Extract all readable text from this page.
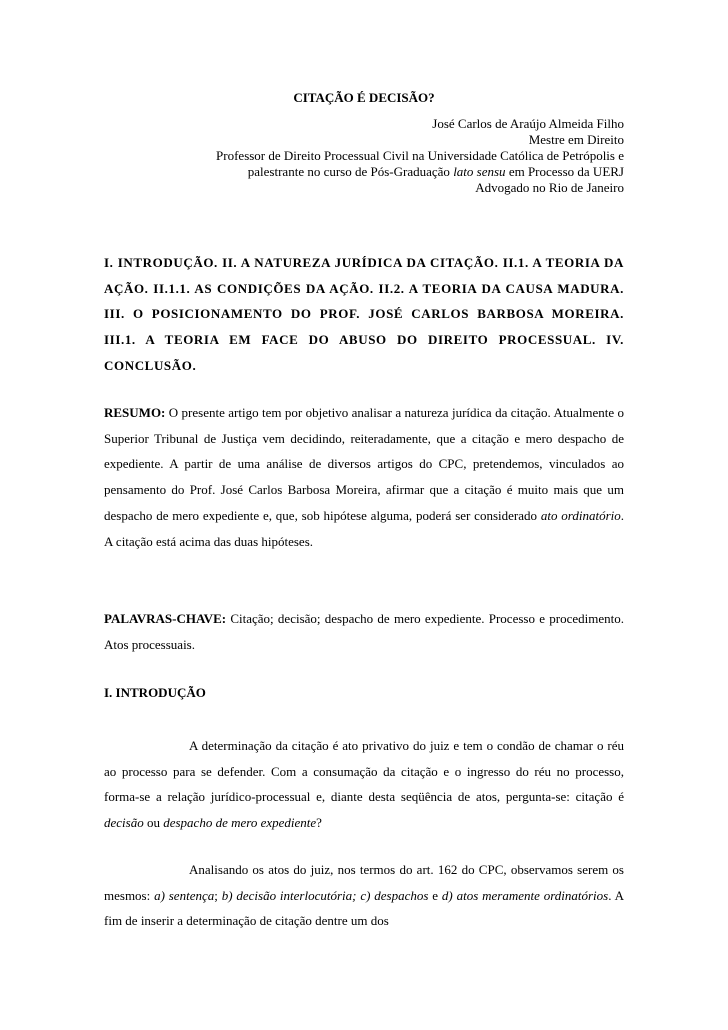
CITAÇÃO É DECISÃO?
José Carlos de Araújo Almeida Filho
Mestre em Direito
Professor de Direito Processual Civil na Universidade Católica de Petrópolis e
palestrante no curso de Pós-Graduação lato sensu em Processo da UERJ
Advogado no Rio de Janeiro
I. INTRODUÇÃO. II. A NATUREZA JURÍDICA DA CITAÇÃO. II.1. A TEORIA DA AÇÃO. II.1.1. AS CONDIÇÕES DA AÇÃO. II.2. A TEORIA DA CAUSA MADURA. III. O POSICIONAMENTO DO PROF. JOSÉ CARLOS BARBOSA MOREIRA. III.1. A TEORIA EM FACE DO ABUSO DO DIREITO PROCESSUAL. IV. CONCLUSÃO.
RESUMO: O presente artigo tem por objetivo analisar a natureza jurídica da citação. Atualmente o Superior Tribunal de Justiça vem decidindo, reiteradamente, que a citação e mero despacho de expediente. A partir de uma análise de diversos artigos do CPC, pretendemos, vinculados ao pensamento do Prof. José Carlos Barbosa Moreira, afirmar que a citação é muito mais que um despacho de mero expediente e, que, sob hipótese alguma, poderá ser considerado ato ordinatório. A citação está acima das duas hipóteses.
PALAVRAS-CHAVE: Citação; decisão; despacho de mero expediente. Processo e procedimento. Atos processuais.
I. INTRODUÇÃO
A determinação da citação é ato privativo do juiz e tem o condão de chamar o réu ao processo para se defender. Com a consumação da citação e o ingresso do réu no processo, forma-se a relação jurídico-processual e, diante desta seqüência de atos, pergunta-se: citação é decisão ou despacho de mero expediente?
Analisando os atos do juiz, nos termos do art. 162 do CPC, observamos serem os mesmos: a) sentença; b) decisão interlocutória; c) despachos e d) atos meramente ordinatórios. A fim de inserir a determinação de citação dentre um dos
